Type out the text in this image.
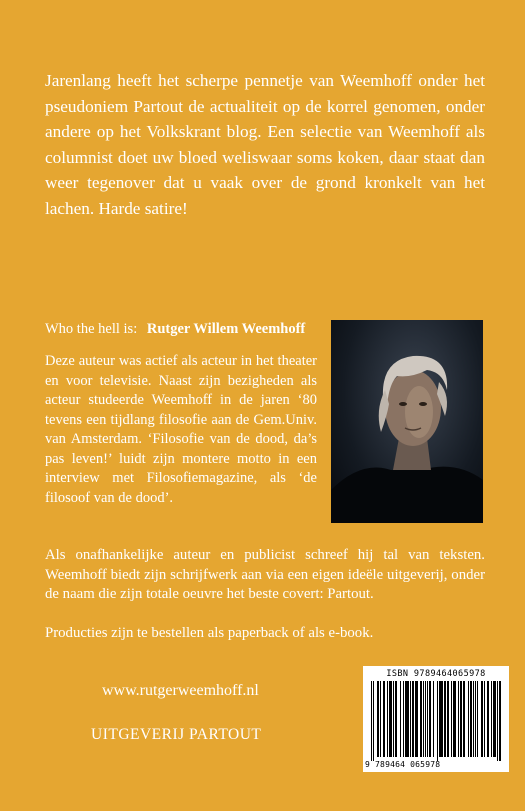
Jarenlang heeft het scherpe pennetje van Weemhoff onder het pseudoniem Partout de actualiteit op de korrel genomen, onder andere op het Volkskrant blog. Een selectie van Weemhoff als columnist doet uw bloed weliswaar soms koken, daar staat dan weer tegenover dat u vaak over de grond kronkelt van het lachen. Harde satire!

Who the hell is: Rutger Willem Weemhoff

Deze auteur was actief als acteur in het theater en voor televisie. Naast zijn bezigheden als acteur studeerde Weemhoff in de jaren ‘80 tevens een tijdlang filosofie aan de Gem.Univ. van Amsterdam. ‘Filosofie van de dood, da’s pas leven!’ luidt zijn montere motto in een interview met Filosofiemagazine, als ‘de filosoof van de dood’.

Als onafhankelijke auteur en publicist schreef hij tal van teksten. Weemhoff biedt zijn schrijfwerk aan via een eigen ideële uitgeverij, onder de naam die zijn totale oeuvre het beste covert: Partout.

Producties zijn te bestellen als paperback of als e-book.

www.rutgerweemhoff.nl

UITGEVERIJ PARTOUT

ISBN 9789464065978

9 789464 065978
